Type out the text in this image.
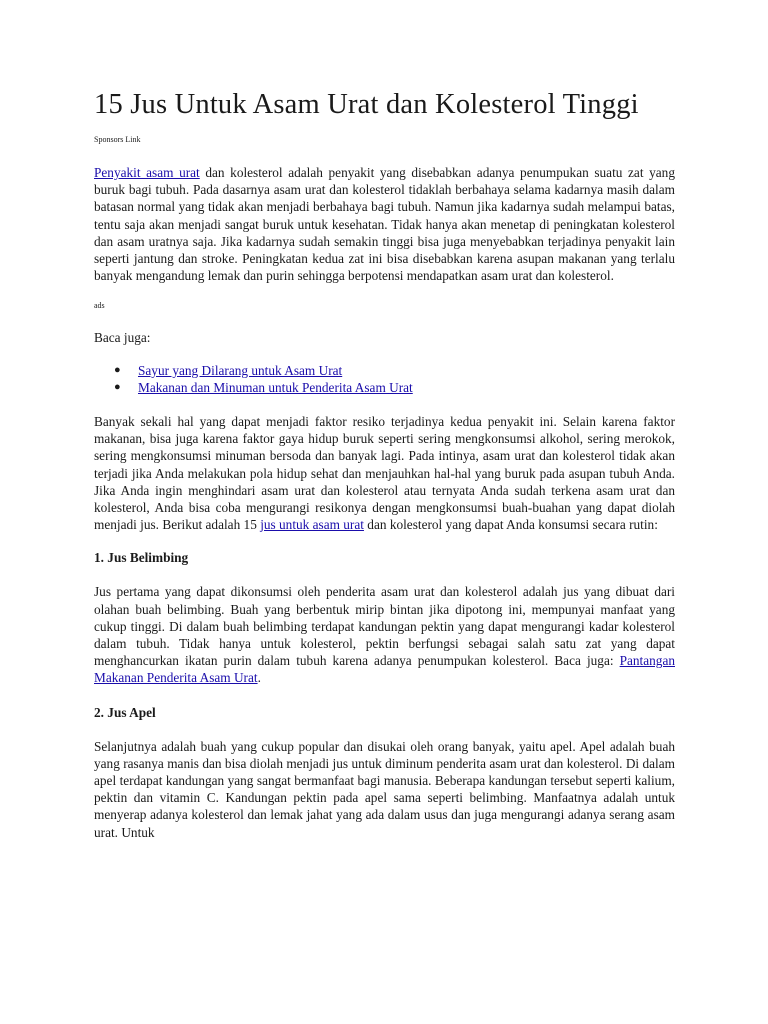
15 Jus Untuk Asam Urat dan Kolesterol Tinggi
Sponsors Link

Penyakit asam urat dan kolesterol adalah penyakit yang disebabkan adanya penumpukan suatu zat yang buruk bagi tubuh. Pada dasarnya asam urat dan kolesterol tidaklah berbahaya selama kadarnya masih dalam batasan normal yang tidak akan menjadi berbahaya bagi tubuh. Namun jika kadarnya sudah melampui batas, tentu saja akan menjadi sangat buruk untuk kesehatan. Tidak hanya akan menetap di peningkatan kolesterol dan asam uratnya saja. Jika kadarnya sudah semakin tinggi bisa juga menyebabkan terjadinya penyakit lain seperti jantung dan stroke. Peningkatan kedua zat ini bisa disebabkan karena asupan makanan yang terlalu banyak mengandung lemak dan purin sehingga berpotensi mendapatkan asam urat dan kolesterol.

ads

Baca juga:

● Sayur yang Dilarang untuk Asam Urat
● Makanan dan Minuman untuk Penderita Asam Urat

Banyak sekali hal yang dapat menjadi faktor resiko terjadinya kedua penyakit ini. Selain karena faktor makanan, bisa juga karena faktor gaya hidup buruk seperti sering mengkonsumsi alkohol, sering merokok, sering mengkonsumsi minuman bersoda dan banyak lagi. Pada intinya, asam urat dan kolesterol tidak akan terjadi jika Anda melakukan pola hidup sehat dan menjauhkan hal-hal yang buruk pada asupan tubuh Anda. Jika Anda ingin menghindari asam urat dan kolesterol atau ternyata Anda sudah terkena asam urat dan kolesterol, Anda bisa coba mengurangi resikonya dengan mengkonsumsi buah-buahan yang dapat diolah menjadi jus. Berikut adalah 15 jus untuk asam urat dan kolesterol yang dapat Anda konsumsi secara rutin:

1. Jus Belimbing

Jus pertama yang dapat dikonsumsi oleh penderita asam urat dan kolesterol adalah jus yang dibuat dari olahan buah belimbing. Buah yang berbentuk mirip bintan jika dipotong ini, mempunyai manfaat yang cukup tinggi. Di dalam buah belimbing terdapat kandungan pektin yang dapat mengurangi kadar kolesterol dalam tubuh. Tidak hanya untuk kolesterol, pektin berfungsi sebagai salah satu zat yang dapat menghancurkan ikatan purin dalam tubuh karena adanya penumpukan kolesterol. Baca juga: Pantangan Makanan Penderita Asam Urat.

2. Jus Apel

Selanjutnya adalah buah yang cukup popular dan disukai oleh orang banyak, yaitu apel. Apel adalah buah yang rasanya manis dan bisa diolah menjadi jus untuk diminum penderita asam urat dan kolesterol. Di dalam apel terdapat kandungan yang sangat bermanfaat bagi manusia. Beberapa kandungan tersebut seperti kalium, pektin dan vitamin C. Kandungan pektin pada apel sama seperti belimbing. Manfaatnya adalah untuk menyerap adanya kolesterol dan lemak jahat yang ada dalam usus dan juga mengurangi adanya serang asam urat. Untuk
